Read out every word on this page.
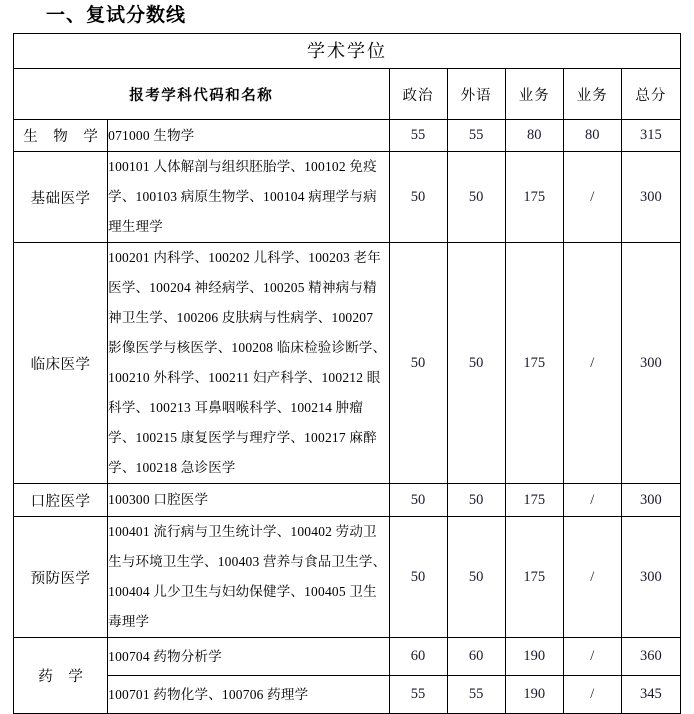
一、复试分数线
学术学位						
报考学科代码和名称		政治	外语	业务	业务	总分
生 物 学	071000 生物学	55	55	80	80	315
基础医学	100101 人体解剖与组织胚胎学、100102 免疫学、100103 病原生物学、100104 病理学与病理生理学	50	50	175	/	300
临床医学	100201 内科学、100202 儿科学、100203 老年医学、100204 神经病学、100205 精神病与精神卫生学、100206 皮肤病与性病学、100207 影像医学与核医学、100208 临床检验诊断学、100210 外科学、100211 妇产科学、100212 眼科学、100213 耳鼻咽喉科学、100214 肿瘤学、100215 康复医学与理疗学、100217 麻醉学、100218 急诊医学	50	50	175	/	300
口腔医学	100300 口腔医学	50	50	175	/	300
预防医学	100401 流行病与卫生统计学、100402 劳动卫生与环境卫生学、100403 营养与食品卫生学、100404 儿少卫生与妇幼保健学、100405 卫生毒理学	50	50	175	/	300
药 学	100704 药物分析学	60	60	190	/	360
	100701 药物化学、100706 药理学	55	55	190	/	345
